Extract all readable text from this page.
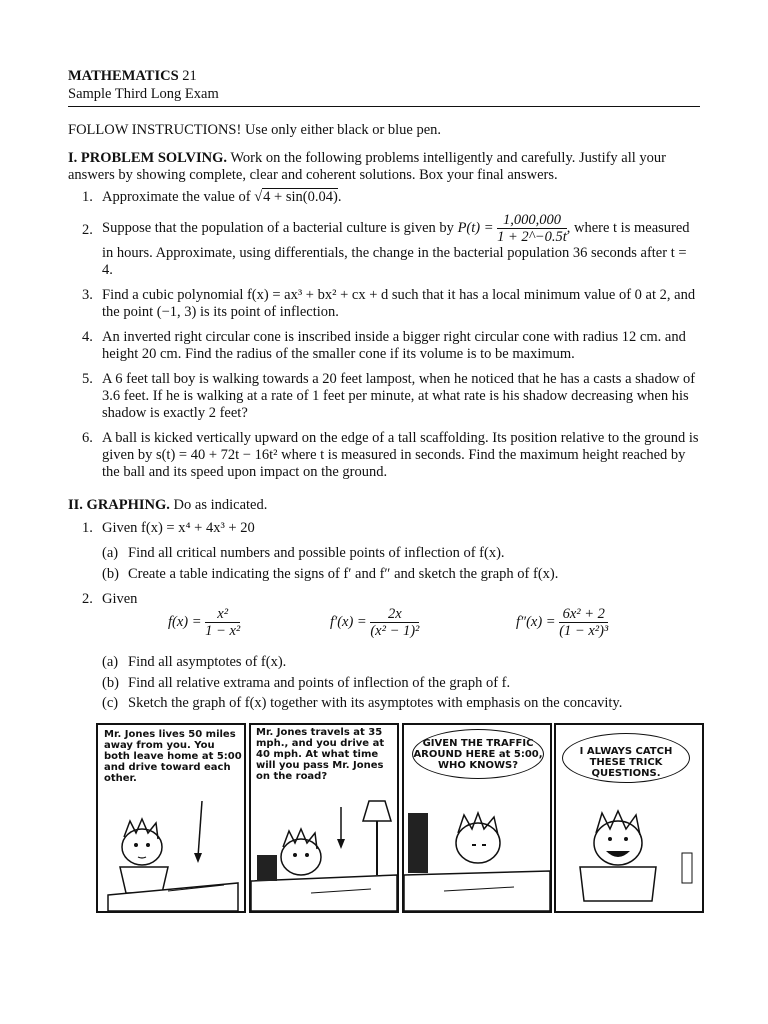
MATHEMATICS 21
Sample Third Long Exam
FOLLOW INSTRUCTIONS! Use only either black or blue pen.
I. PROBLEM SOLVING. Work on the following problems intelligently and carefully. Justify all your answers by showing complete, clear and coherent solutions. Box your final answers.
1. Approximate the value of √4 + sin(0.04).
2. Suppose that the population of a bacterial culture is given by $P(t) = \frac{1,000,000}{1 + 2\^{}-0.5t}$ , where t is measured in hours. Approximate, using differentials, the change in the bacterial population 36 seconds after t = 4.
3. Find a cubic polynomial f(x) = ax³ + bx² + cx + d such that it has a local minimum value of 0 at 2, and the point (−1, 3) is its point of inflection.
4. An inverted right circular cone is inscribed inside a bigger right circular cone with radius 12 cm. and height 20 cm. Find the radius of the smaller cone if its volume is to be maximum.
5. A 6 feet tall boy is walking towards a 20 feet lampost, when he noticed that he has a casts a shadow of 3.6 feet. If he is walking at a rate of 1 feet per minute, at what rate is his shadow decreasing when his shadow is exactly 2 feet?
6. A ball is kicked vertically upward on the edge of a tall scaffolding. Its position relative to the ground is given by s(t) = 40 + 72t − 16t² where t is measured in seconds. Find the maximum height reached by the ball and its speed upon impact on the ground.
II. GRAPHING. Do as indicated.
1. Given f(x) = x⁴ + 4x³ + 20
(a) Find all critical numbers and possible points of inflection of f(x).
(b) Create a table indicating the signs of f′ and f″ and sketch the graph of f(x).
2. Given
$f(x) = \frac{\text{x²}}{\text{1 − x²}}$	$f'(x) = \frac{2x}{\text{(x² − 1)²}}$	$f''(x) = \frac{\text{6x² + 2}}{\text{(1 − x²)³}}$
(a) Find all asymptotes of f(x).
(b) Find all relative extrama and points of inflection of the graph of f.
(c) Sketch the graph of f(x) together with its asymptotes with emphasis on the concavity.
Mr. Jones lives 50 miles away from you. You both leave home at 5:00 and drive toward each other.
Mr. Jones travels at 35 mph., and you drive at 40 mph. At what time will you pass Mr. Jones on the road?
GIVEN THE TRAFFIC AROUND HERE at 5:00, WHO KNOWS?
I ALWAYS CATCH THESE TRICK QUESTIONS.
